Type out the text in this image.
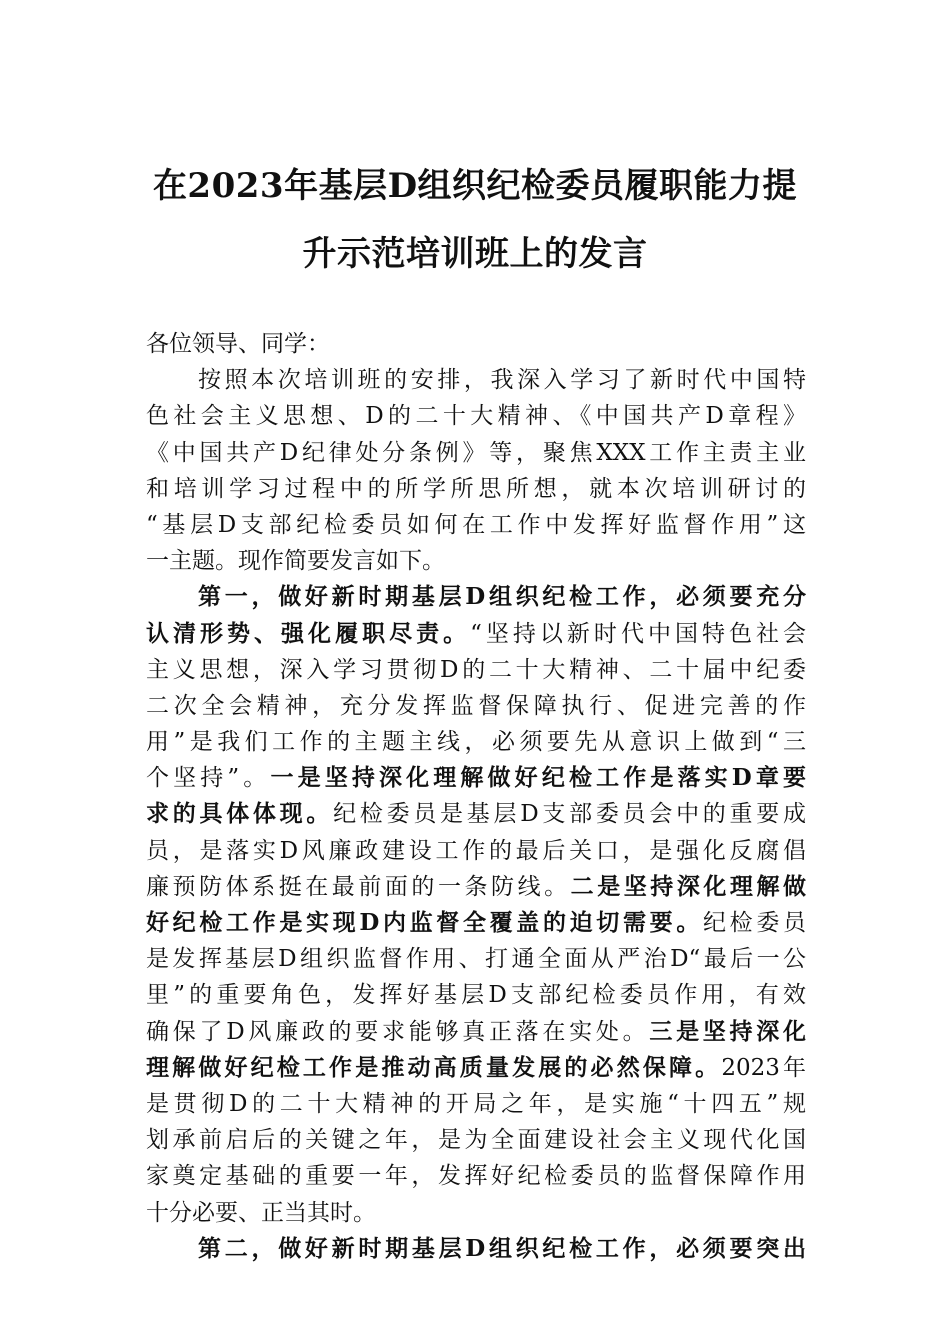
在2023年基层D组织纪检委员履职能力提
升示范培训班上的发言
各位领导、同学：
按照本次培训班的安排，我深入学习了新时代中国特
色社会主义思想、D的二十大精神、《中国共产D章程》
《中国共产D纪律处分条例》等，聚焦XXX工作主责主业
和培训学习过程中的所学所思所想，就本次培训研讨的
“基层D支部纪检委员如何在工作中发挥好监督作用”这
一主题。现作简要发言如下。
第一，做好新时期基层D组织纪检工作，必须要充分
认清形势、强化履职尽责。“坚持以新时代中国特色社会
主义思想，深入学习贯彻D的二十大精神、二十届中纪委
二次全会精神，充分发挥监督保障执行、促进完善的作
用”是我们工作的主题主线，必须要先从意识上做到“三
个坚持”。一是坚持深化理解做好纪检工作是落实D章要
求的具体体现。纪检委员是基层D支部委员会中的重要成
员，是落实D风廉政建设工作的最后关口，是强化反腐倡
廉预防体系挺在最前面的一条防线。二是坚持深化理解做
好纪检工作是实现D内监督全覆盖的迫切需要。纪检委员
是发挥基层D组织监督作用、打通全面从严治D“最后一公
里”的重要角色，发挥好基层D支部纪检委员作用，有效
确保了D风廉政的要求能够真正落在实处。三是坚持深化
理解做好纪检工作是推动高质量发展的必然保障。2023年
是贯彻D的二十大精神的开局之年，是实施“十四五”规
划承前启后的关键之年，是为全面建设社会主义现代化国
家奠定基础的重要一年，发挥好纪检委员的监督保障作用
十分必要、正当其时。
第二，做好新时期基层D组织纪检工作，必须要突出
